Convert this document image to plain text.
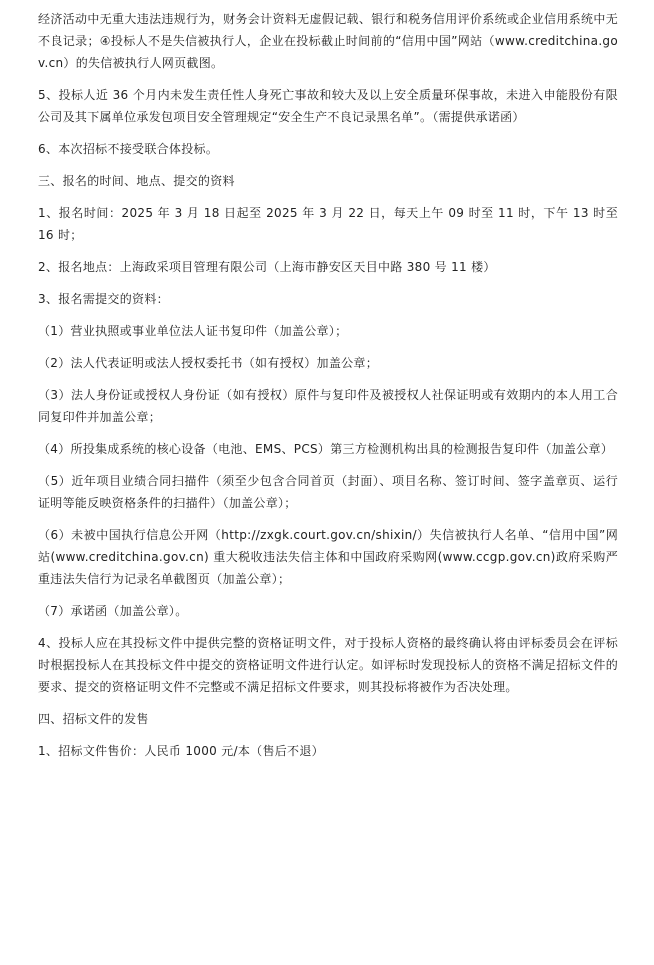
经济活动中无重大违法违规行为，财务会计资料无虚假记载、银行和税务信用评价系统或企业信用系统中无不良记录；④投标人不是失信被执行人，企业在投标截止时间前的“信用中国”网站（www.creditchina.gov.cn）的失信被执行人网页截图。

5、投标人近 36 个月内未发生责任性人身死亡事故和较大及以上安全质量环保事故，未进入申能股份有限公司及其下属单位承发包项目安全管理规定“安全生产不良记录黑名单”。（需提供承诺函）

6、本次招标不接受联合体投标。

三、报名的时间、地点、提交的资料

1、报名时间：2025 年 3 月 18 日起至 2025 年 3 月 22 日，每天上午 09 时至 11 时，下午 13 时至 16 时；

2、报名地点：上海政采项目管理有限公司（上海市静安区天目中路 380 号 11 楼）

3、报名需提交的资料：

（1）营业执照或事业单位法人证书复印件（加盖公章）；

（2）法人代表证明或法人授权委托书（如有授权）加盖公章；

（3）法人身份证或授权人身份证（如有授权）原件与复印件及被授权人社保证明或有效期内的本人用工合同复印件并加盖公章；

（4）所投集成系统的核心设备（电池、EMS、PCS）第三方检测机构出具的检测报告复印件（加盖公章）

（5）近年项目业绩合同扫描件（须至少包含合同首页（封面）、项目名称、签订时间、签字盖章页、运行证明等能反映资格条件的扫描件）（加盖公章）；

（6）未被中国执行信息公开网（http://zxgk.court.gov.cn/shixin/）失信被执行人名单、“信用中国”网站(www.creditchina.gov.cn) 重大税收违法失信主体和中国政府采购网(www.ccgp.gov.cn)政府采购严重违法失信行为记录名单截图页（加盖公章）；

（7）承诺函（加盖公章）。

4、投标人应在其投标文件中提供完整的资格证明文件，对于投标人资格的最终确认将由评标委员会在评标时根据投标人在其投标文件中提交的资格证明文件进行认定。如评标时发现投标人的资格不满足招标文件的要求、提交的资格证明文件不完整或不满足招标文件要求，则其投标将被作为否决处理。

四、招标文件的发售

1、招标文件售价：人民币 1000 元/本（售后不退）
